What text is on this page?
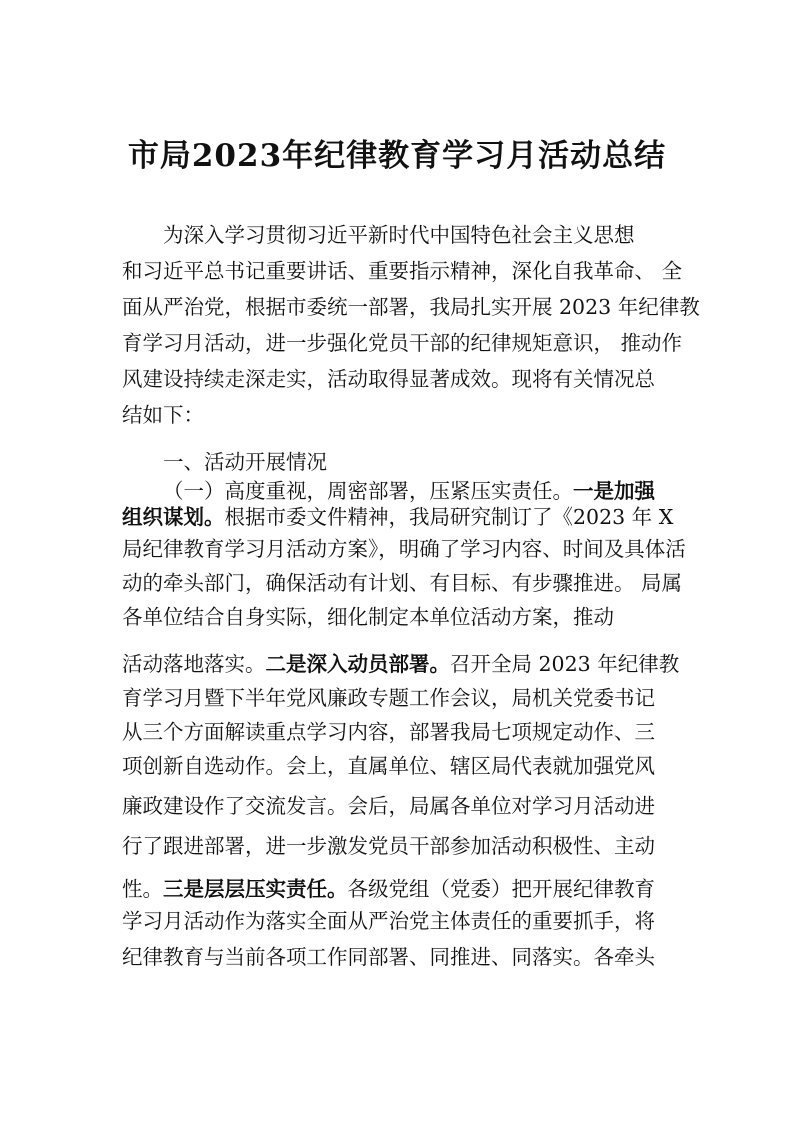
市局2023年纪律教育学习月活动总结
为深入学习贯彻习近平新时代中国特色社会主义思想
和习近平总书记重要讲话、重要指示精神，深化自我革命、 全
面从严治党，根据市委统一部署，我局扎实开展 2023 年纪律教
育学习月活动，进一步强化党员干部的纪律规矩意识， 推动作
风建设持续走深走实，活动取得显著成效。现将有关情况总
结如下：
一、活动开展情况
（一）高度重视，周密部署，压紧压实责任。一是加强
组织谋划。根据市委文件精神，我局研究制订了《2023 年 X
局纪律教育学习月活动方案》，明确了学习内容、时间及具体活
动的牵头部门，确保活动有计划、有目标、有步骤推进。 局属
各单位结合自身实际，细化制定本单位活动方案，推动
活动落地落实。二是深入动员部署。召开全局 2023 年纪律教
育学习月暨下半年党风廉政专题工作会议，局机关党委书记
从三个方面解读重点学习内容，部署我局七项规定动作、三
项创新自选动作。会上，直属单位、辖区局代表就加强党风
廉政建设作了交流发言。会后，局属各单位对学习月活动进
行了跟进部署，进一步激发党员干部参加活动积极性、主动
性。三是层层压实责任。各级党组（党委）把开展纪律教育
学习月活动作为落实全面从严治党主体责任的重要抓手，将
纪律教育与当前各项工作同部署、同推进、同落实。各牵头
